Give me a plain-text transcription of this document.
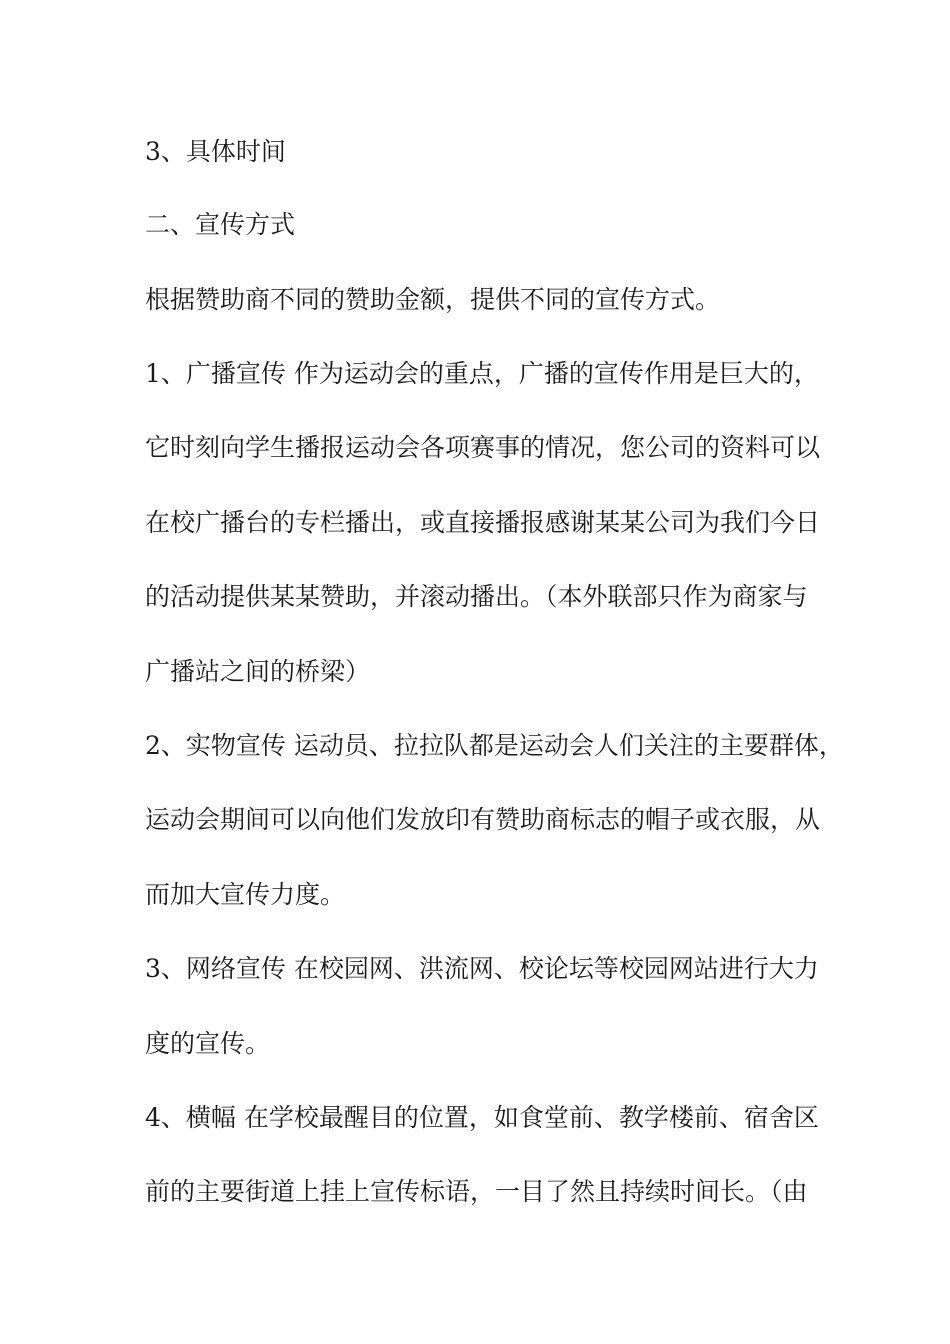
3、具体时间
二、宣传方式
根据赞助商不同的赞助金额，提供不同的宣传方式。
1、广播宣传 作为运动会的重点，广播的宣传作用是巨大的，
它时刻向学生播报运动会各项赛事的情况，您公司的资料可以
在校广播台的专栏播出，或直接播报感谢某某公司为我们今日
的活动提供某某赞助，并滚动播出。（本外联部只作为商家与
广播站之间的桥梁）
2、实物宣传 运动员、拉拉队都是运动会人们关注的主要群体，
运动会期间可以向他们发放印有赞助商标志的帽子或衣服，从
而加大宣传力度。
3、网络宣传 在校园网、洪流网、校论坛等校园网站进行大力
度的宣传。
4、横幅 在学校最醒目的位置，如食堂前、教学楼前、宿舍区
前的主要街道上挂上宣传标语，一目了然且持续时间长。（由
